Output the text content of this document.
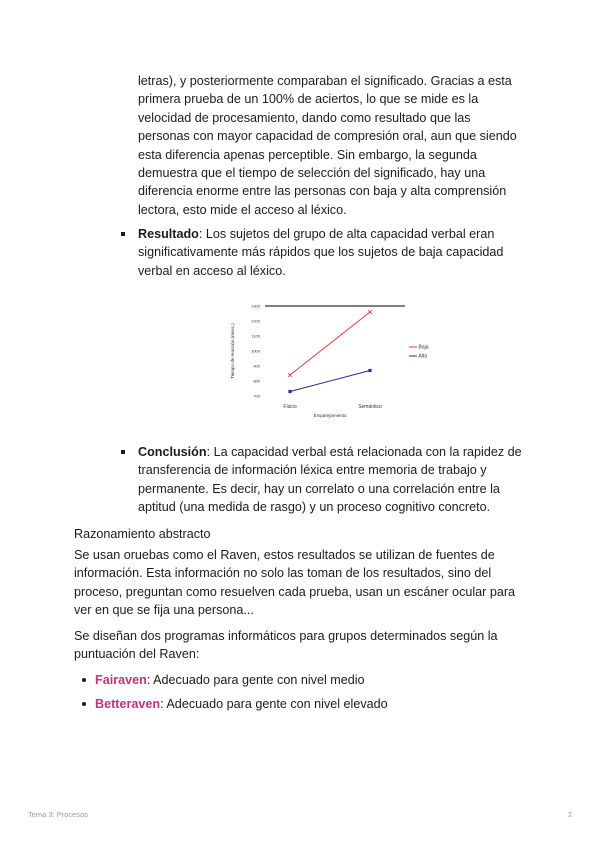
letras), y posteriormente comparaban el significado. Gracias a esta
primera prueba de un 100% de aciertos, lo que se mide es la
velocidad de procesamiento, dando como resultado que las
personas con mayor capacidad de compresión oral, aun que siendo
esta diferencia apenas perceptible. Sin embargo, la segunda
demuestra que el tiempo de selección del significado, hay una
diferencia enorme entre las personas con baja y alta comprensión
lectora, esto mide el acceso al léxico.
Resultado: Los sujetos del grupo de alta capacidad verbal eran
significativamente más rápidos que los sujetos de baja capacidad
verbal en acceso al léxico.
1300
1200
1100
1000
900
800
700
Tiempo de reacción (msec.)
Físico	Semántico
Emparejamiento
Baja
Alta
Conclusión: La capacidad verbal está relacionada con la rapidez de
transferencia de información léxica entre memoria de trabajo y
permanente. Es decir, hay un correlato o una correlación entre la
aptitud (una medida de rasgo) y un proceso cognitivo concreto.
Razonamiento abstracto
Se usan oruebas como el Raven, estos resultados se utilizan de fuentes de
información. Esta información no solo las toman de los resultados, sino del
proceso, preguntan como resuelven cada prueba, usan un escáner ocular para
ver en que se fija una persona...
Se diseñan dos programas informáticos para grupos determinados según la
puntuación del Raven:
Fairaven: Adecuado para gente con nivel medio
Betteraven: Adecuado para gente con nivel elevado
Tema 3: Procesos	2
